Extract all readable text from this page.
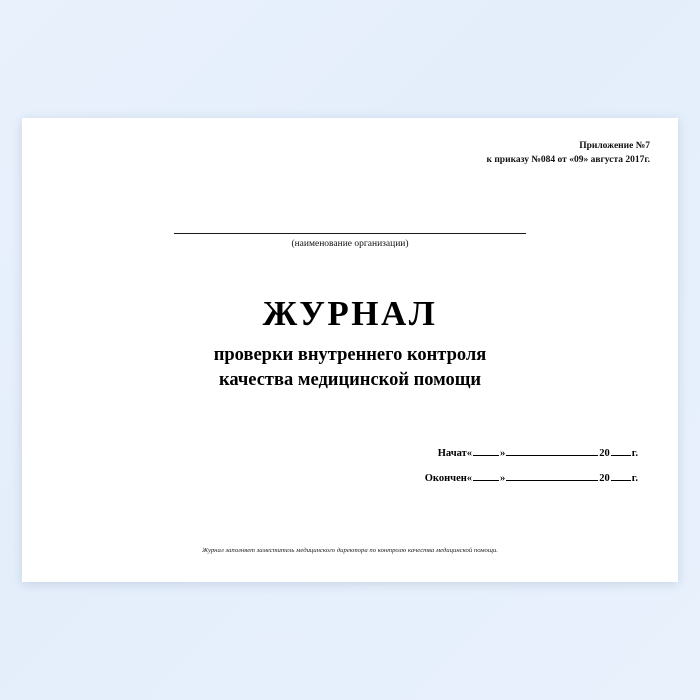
Приложение №7
к приказу №084 от «09» августа 2017г.
(наименование организации)
ЖУРНАЛ
проверки внутреннего контроля
качества медицинской помощи
Начат«	»	20 г.
Окончен«	»	20 г.
Журнал заполняет заместитель медицинского директора по контролю качества медицинской помощи.
